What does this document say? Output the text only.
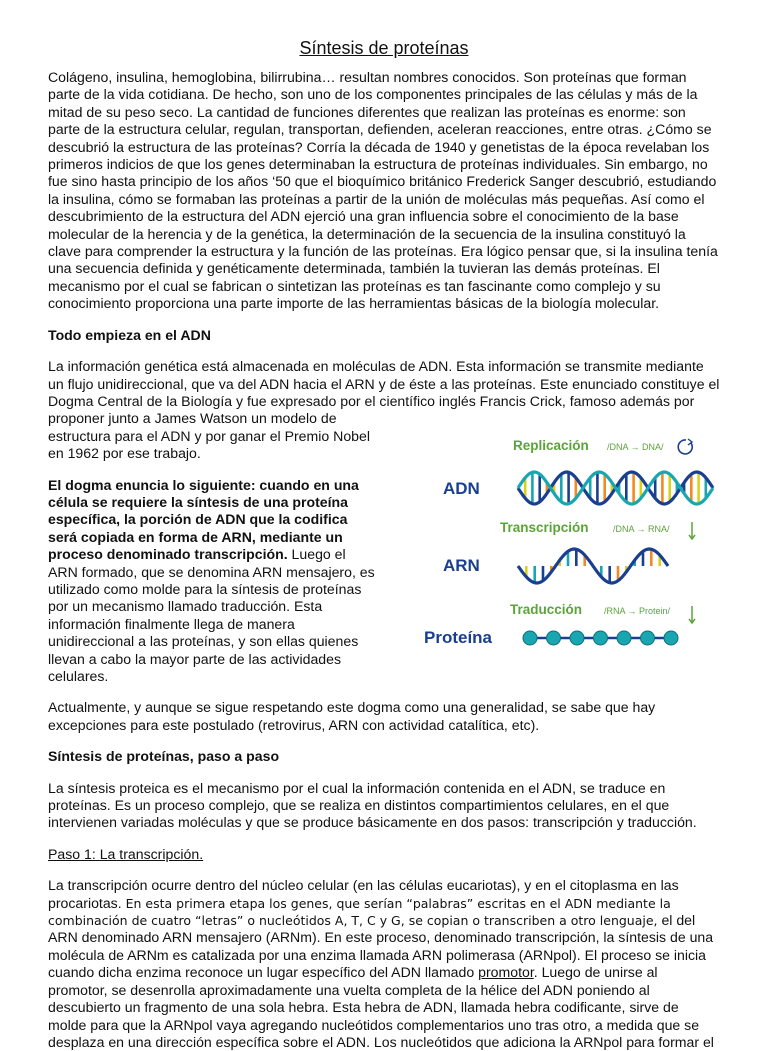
Síntesis de proteínas

Colágeno, insulina, hemoglobina, bilirrubina… resultan nombres conocidos. Son proteínas que forman parte de la vida cotidiana. De hecho, son uno de los componentes principales de las células y más de la mitad de su peso seco. La cantidad de funciones diferentes que realizan las proteínas es enorme: son parte de la estructura celular, regulan, transportan, defienden, aceleran reacciones, entre otras. ¿Cómo se descubrió la estructura de las proteínas? Corría la década de 1940 y genetistas de la época revelaban los primeros indicios de que los genes determinaban la estructura de proteínas individuales. Sin embargo, no fue sino hasta principio de los años ‘50 que el bioquímico británico Frederick Sanger descubrió, estudiando la insulina, cómo se formaban las proteínas a partir de la unión de moléculas más pequeñas. Así como el descubrimiento de la estructura del ADN ejerció una gran influencia sobre el conocimiento de la base molecular de la herencia y de la genética, la determinación de la secuencia de la insulina constituyó la clave para comprender la estructura y la función de las proteínas. Era lógico pensar que, si la insulina tenía una secuencia definida y genéticamente determinada, también la tuvieran las demás proteínas. El mecanismo por el cual se fabrican o sintetizan las proteínas es tan fascinante como complejo y su conocimiento proporciona una parte importe de las herramientas básicas de la biología molecular.

Todo empieza en el ADN

La información genética está almacenada en moléculas de ADN. Esta información se transmite mediante un flujo unidireccional, que va del ADN hacia el ARN y de éste a las proteínas. Este enunciado constituye el Dogma Central de la Biología y fue expresado por el científico inglés Francis Crick, famoso además por proponer junto a James Watson un modelo de

estructura para el ADN y por ganar el Premio Nobel en 1962 por ese trabajo.

El dogma enuncia lo siguiente: cuando en una célula se requiere la síntesis de una proteína específica, la porción de ADN que la codifica será copiada en forma de ARN, mediante un proceso denominado transcripción. Luego el ARN formado, que se denomina ARN mensajero, es utilizado como molde para la síntesis de proteínas por un mecanismo llamado traducción. Esta información finalmente llega de manera unidireccional a las proteínas, y son ellas quienes llevan a cabo la mayor parte de las actividades celulares.

Replicación /DNA → DNA/
ADN
Transcripción	/DNA → RNA/
ARN
Traducción /RNA → Protein/
Proteína

Actualmente, y aunque se sigue respetando este dogma como una generalidad, se sabe que hay excepciones para este postulado (retrovirus, ARN con actividad catalítica, etc).

Síntesis de proteínas, paso a paso

La síntesis proteica es el mecanismo por el cual la información contenida en el ADN, se traduce en proteínas. Es un proceso complejo, que se realiza en distintos compartimientos celulares, en el que intervienen variadas moléculas y que se produce básicamente en dos pasos: transcripción y traducción.

Paso 1: La transcripción.

La transcripción ocurre dentro del núcleo celular (en las células eucariotas), y en el citoplasma en las procariotas. En esta primera etapa los genes, que serían “palabras” escritas en el ADN mediante la combinación de cuatro “letras” o nucleótidos A, T, C y G, se copian o transcriben a otro lenguaje, el del ARN denominado ARN mensajero (ARNm). En este proceso, denominado transcripción, la síntesis de una molécula de ARNm es catalizada por una enzima llamada ARN polimerasa (ARNpol). El proceso se inicia cuando dicha enzima reconoce un lugar específico del ADN llamado promotor. Luego de unirse al promotor, se desenrolla aproximadamente una vuelta completa de la hélice del ADN poniendo al descubierto un fragmento de una sola hebra. Esta hebra de ADN, llamada hebra codificante, sirve de molde para que la ARNpol vaya agregando nucleótidos complementarios uno tras otro, a medida que se desplaza en una dirección específica sobre el ADN. Los nucleótidos que adiciona la ARNpol para formar el
